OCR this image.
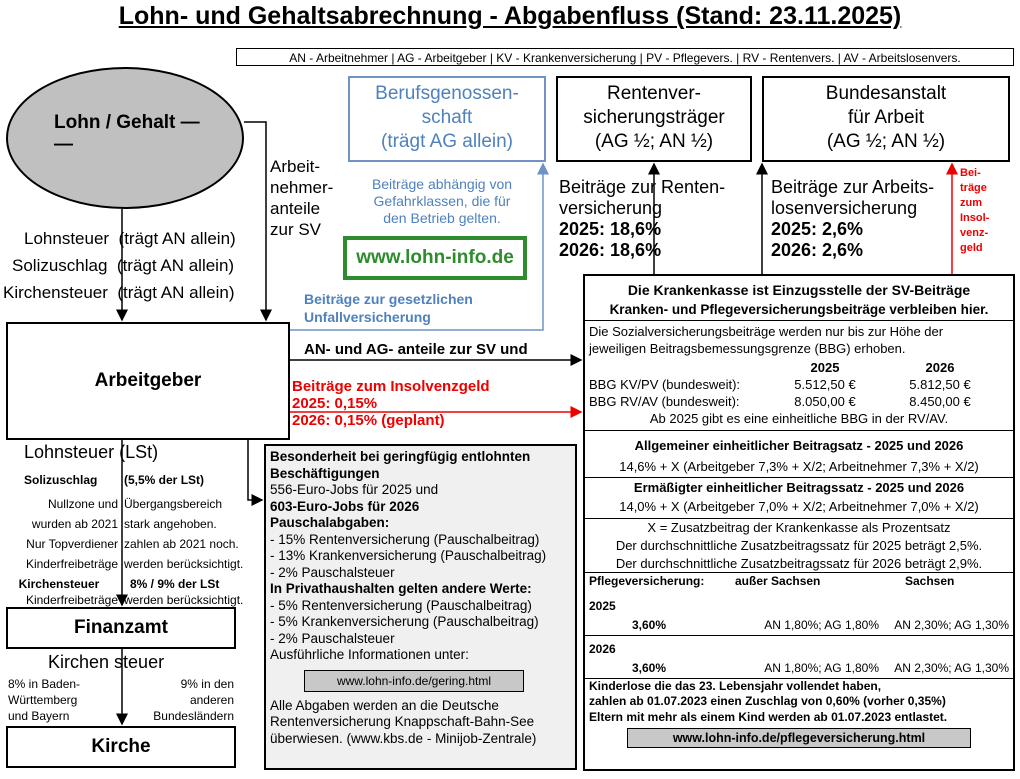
Lohn- und Gehaltsabrechnung - Abgabenfluss (Stand: 23.11.2025)
AN - Arbeitnehmer | AG - Arbeitgeber | KV - Krankenversicherung | PV - Pflegevers. | RV - Rentenvers. | AV - Arbeitslosenvers.
Lohn / Gehalt —
—
Arbeit-
nehmer-
anteile
zur SV
Lohnsteuer (trägt AN allein)
Solizuschlag (trägt AN allein)
Kirchensteuer (trägt AN allein)
Berufsgenossen-
schaft
(trägt AG allein)
Beiträge abhängig von
Gefahrklassen, die für
den Betrieb gelten.
www.lohn-info.de
Beiträge zur gesetzlichen
Unfallversicherung
Rentenver-
sicherungsträger
(AG ½; AN ½)
Beiträge zur Renten-
versicherung
2025: 18,6%
2026: 18,6%
Bundesanstalt
für Arbeit
(AG ½; AN ½)
Beiträge zur Arbeits-
losenversicherung
2025: 2,6%
2026: 2,6%
Bei-
träge
zum
Insol-
venz-
geld
Arbeitgeber
AN- und AG- anteile zur SV und
Beiträge zum Insolvenzgeld
2025: 0,15%
2026: 0,15% (geplant)
Lohnsteuer (LSt)
Solizuschlag	(5,5% der LSt)
Nullzone und Übergangsbereich
wurden ab 2021 stark angehoben.
Nur Topverdiener zahlen ab 2021 noch.
Kinderfreibeträge werden berücksichtigt.
Kirchensteuer	8% / 9% der LSt
Kinderfreibeträge werden berücksichtigt.
Finanzamt
Kirchen steuer
8% in Baden-
Württemberg
und Bayern
9% in den
anderen
Bundesländern
Kirche
Besonderheit bei geringfügig entlohnten Beschäftigungen
556-Euro-Jobs für 2025 und
603-Euro-Jobs für 2026
Pauschalabgaben:
- 15% Rentenversicherung (Pauschalbeitrag)
- 13% Krankenversicherung (Pauschalbeitrag)
- 2% Pauschalsteuer
In Privathaushalten gelten andere Werte:
- 5% Rentenversicherung (Pauschalbeitrag)
- 5% Krankenversicherung (Pauschalbeitrag)
- 2% Pauschalsteuer
Ausführliche Informationen unter:
www.lohn-info.de/gering.html
Alle Abgaben werden an die Deutsche
Rentenversicherung Knappschaft-Bahn-See
überwiesen. (www.kbs.de - Minijob-Zentrale)
Die Krankenkasse ist Einzugsstelle der SV-Beiträge
Kranken- und Pflegeversicherungsbeiträge verbleiben hier.
Die Sozialversicherungsbeiträge werden nur bis zur Höhe der
jeweiligen Beitragsbemessungsgrenze (BBG) erhoben.
2025	2026
BBG KV/PV (bundesweit):	5.512,50 €	5.812,50 €
BBG RV/AV (bundesweit):	8.050,00 €	8.450,00 €
Ab 2025 gibt es eine einheitliche BBG in der RV/AV.
Allgemeiner einheitlicher Beitragsatz - 2025 und 2026
14,6% + X (Arbeitgeber 7,3% + X/2; Arbeitnehmer 7,3% + X/2)
Ermäßigter einheitlicher Beitragssatz - 2025 und 2026
14,0% + X (Arbeitgeber 7,0% + X/2; Arbeitnehmer 7,0% + X/2)
X = Zusatzbeitrag der Krankenkasse als Prozentsatz
Der durchschnittliche Zusatzbeitragssatz für 2025 beträgt 2,5%.
Der durchschnittliche Zusatzbeitragssatz für 2026 beträgt 2,9%.
Pflegeversicherung:	außer Sachsen	Sachsen
2025
3,60%	AN 1,80%; AG 1,80%	AN 2,30%; AG 1,30%
2026
3,60%	AN 1,80%; AG 1,80%	AN 2,30%; AG 1,30%
Kinderlose die das 23. Lebensjahr vollendet haben,
zahlen ab 01.07.2023 einen Zuschlag von 0,60% (vorher 0,35%)
Eltern mit mehr als einem Kind werden ab 01.07.2023 entlastet.
www.lohn-info.de/pflegeversicherung.html
